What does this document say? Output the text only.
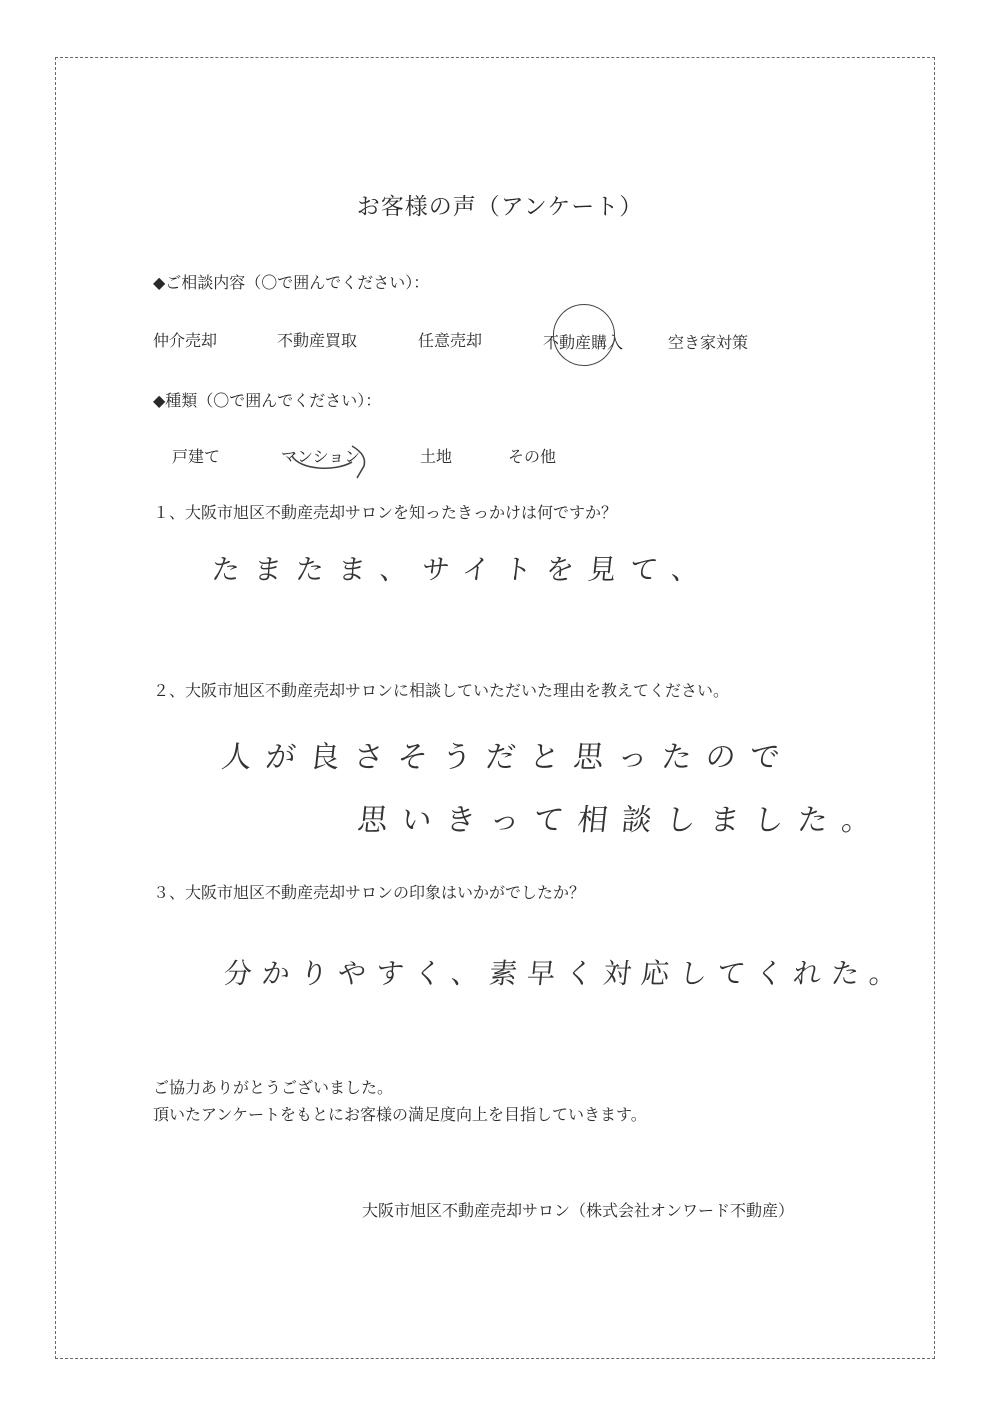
お客様の声（アンケート）
◆ご相談内容（〇で囲んでください）：
仲介売却	不動産買取	任意売却	不動産購入	空き家対策
◆種類（〇で囲んでください）：
戸建て	マンション	土地	その他
１、大阪市旭区不動産売却サロンを知ったきっかけは何ですか？
たまたま、サイトを見て、
２、大阪市旭区不動産売却サロンに相談していただいた理由を教えてください。
人が良さそうだと思ったので
思いきって相談しました。
３、大阪市旭区不動産売却サロンの印象はいかがでしたか？
分かりやすく、素早く対応してくれた。
ご協力ありがとうございました。
頂いたアンケートをもとにお客様の満足度向上を目指していきます。
大阪市旭区不動産売却サロン（株式会社オンワード不動産）
